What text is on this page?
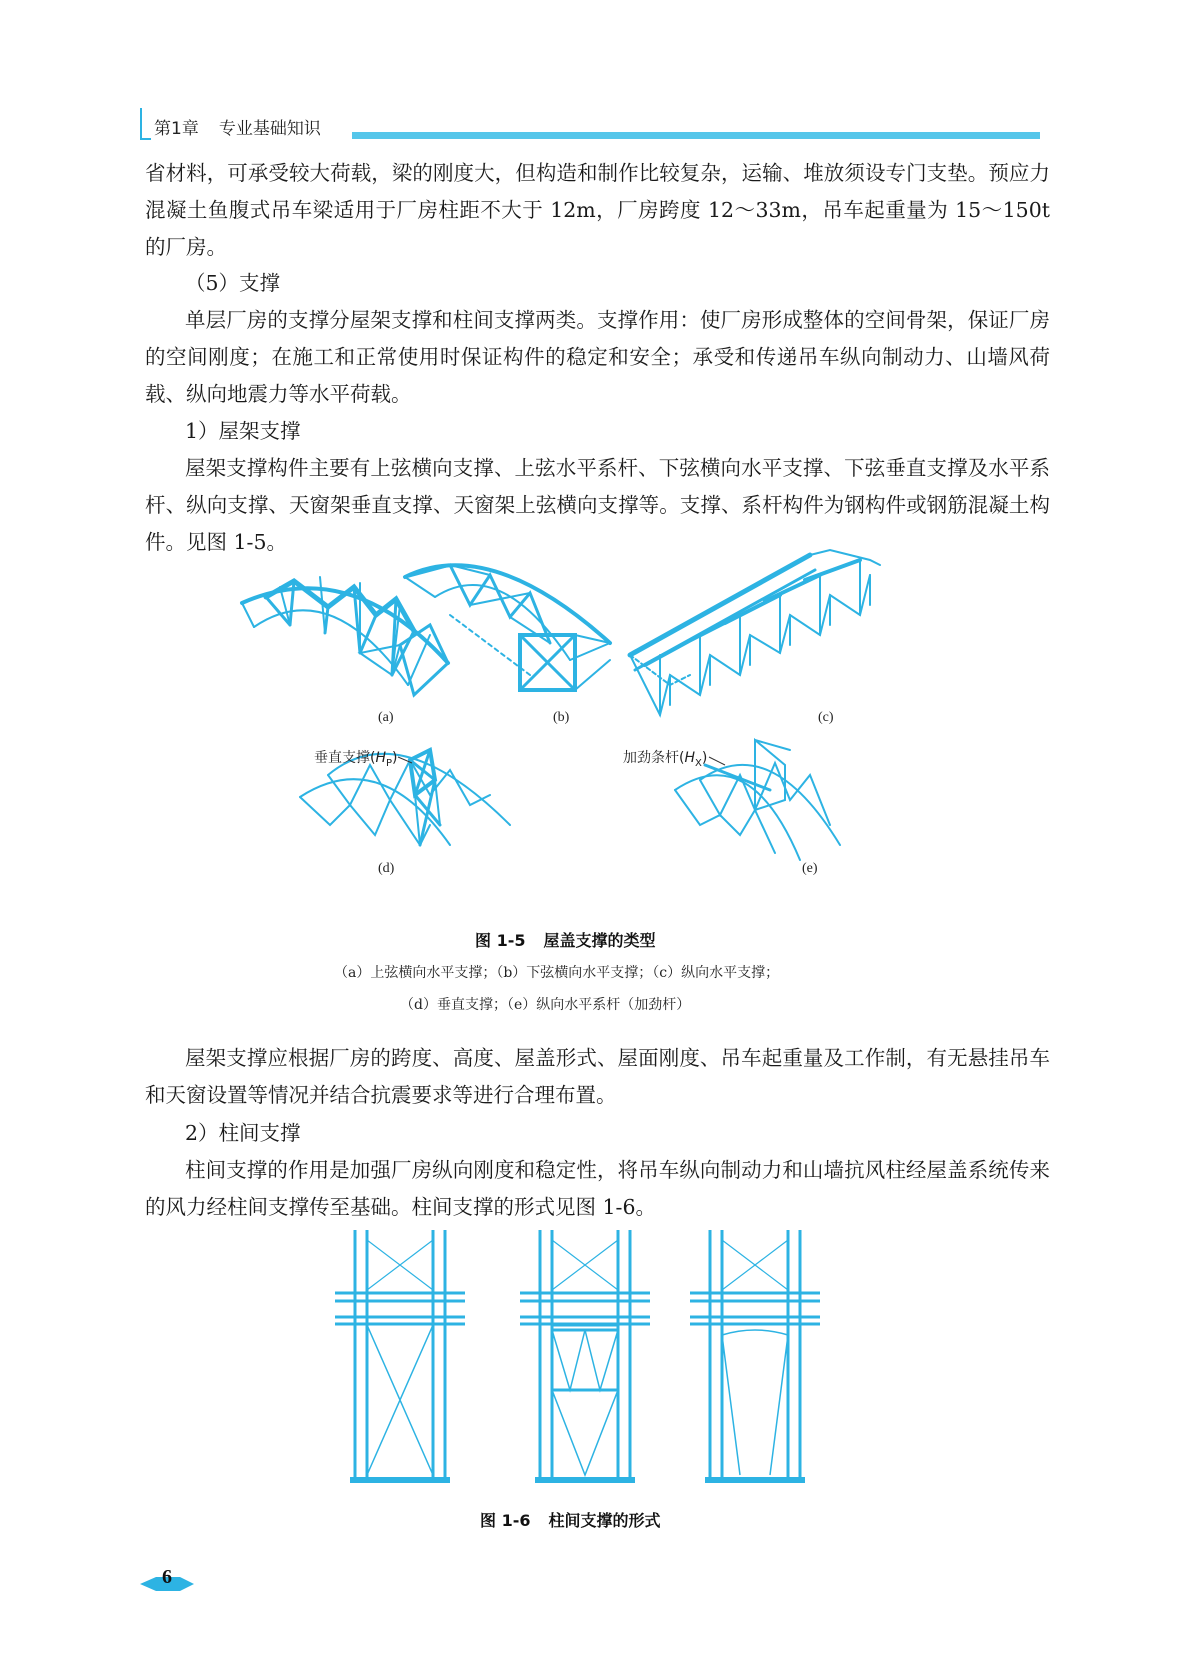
第1章 专业基础知识

省材料，可承受较大荷载，梁的刚度大，但构造和制作比较复杂，运输、堆放须设专门支垫。预应力混凝土鱼腹式吊车梁适用于厂房柱距不大于 12m，厂房跨度 12～33m，吊车起重量为 15～150t 的厂房。

（5）支撑

单层厂房的支撑分屋架支撑和柱间支撑两类。支撑作用：使厂房形成整体的空间骨架，保证厂房的空间刚度；在施工和正常使用时保证构件的稳定和安全；承受和传递吊车纵向制动力、山墙风荷载、纵向地震力等水平荷载。

1）屋架支撑

屋架支撑构件主要有上弦横向支撑、上弦水平系杆、下弦横向水平支撑、下弦垂直支撑及水平系杆、纵向支撑、天窗架垂直支撑、天窗架上弦横向支撑等。支撑、系杆构件为钢构件或钢筋混凝土构件。见图 1-5。

(a)	(b)	(c)
(d)	(e)
垂直支撑$(H_P)$	加劲条杆$(H_X)$
图 1-5 屋盖支撑的类型
（a）上弦横向水平支撑；（b）下弦横向水平支撑；（c）纵向水平支撑；
（d）垂直支撑；（e）纵向水平系杆（加劲杆）

屋架支撑应根据厂房的跨度、高度、屋盖形式、屋面刚度、吊车起重量及工作制，有无悬挂吊车和天窗设置等情况并结合抗震要求等进行合理布置。

2）柱间支撑

柱间支撑的作用是加强厂房纵向刚度和稳定性，将吊车纵向制动力和山墙抗风柱经屋盖系统传来的风力经柱间支撑传至基础。柱间支撑的形式见图 1-6。

图 1-6 柱间支撑的形式
6
